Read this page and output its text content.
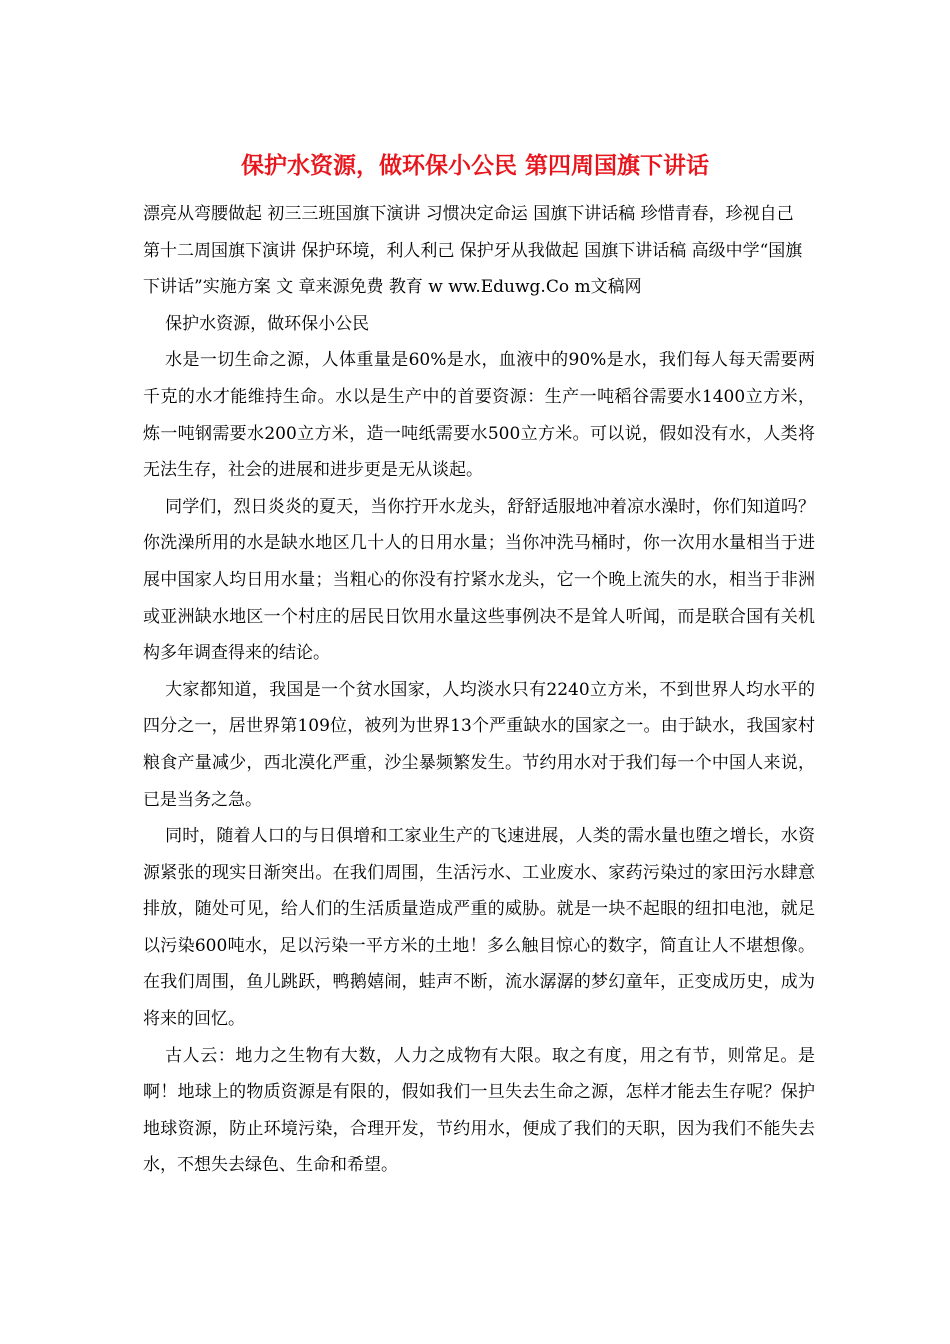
保护水资源，做环保小公民 第四周国旗下讲话

漂亮从弯腰做起 初三三班国旗下演讲 习惯决定命运 国旗下讲话稿 珍惜青春，珍视自己 第十二周国旗下演讲 保护环境，利人利己 保护牙从我做起 国旗下讲话稿 高级中学“国旗下讲话”实施方案 文 章来源免费 教育 w ww.Eduwg.Co m文稿网

保护水资源，做环保小公民

水是一切生命之源，人体重量是60%是水，血液中的90%是水，我们每人每天需要两千克的水才能维持生命。水以是生产中的首要资源：生产一吨稻谷需要水1400立方米，炼一吨钢需要水200立方米，造一吨纸需要水500立方米。可以说，假如没有水，人类将无法生存，社会的进展和进步更是无从谈起。

同学们，烈日炎炎的夏天，当你拧开水龙头，舒舒适服地冲着凉水澡时，你们知道吗？你洗澡所用的水是缺水地区几十人的日用水量；当你冲洗马桶时，你一次用水量相当于进展中国家人均日用水量；当粗心的你没有拧紧水龙头，它一个晚上流失的水，相当于非洲或亚洲缺水地区一个村庄的居民日饮用水量这些事例决不是耸人听闻，而是联合国有关机构多年调查得来的结论。

大家都知道，我国是一个贫水国家，人均淡水只有2240立方米，不到世界人均水平的四分之一，居世界第109位，被列为世界13个严重缺水的国家之一。由于缺水，我国家村粮食产量减少，西北漠化严重，沙尘暴频繁发生。节约用水对于我们每一个中国人来说，已是当务之急。

同时，随着人口的与日俱增和工家业生产的飞速进展，人类的需水量也堕之增长，水资源紧张的现实日渐突出。在我们周围，生活污水、工业废水、家药污染过的家田污水肆意排放，随处可见，给人们的生活质量造成严重的威胁。就是一块不起眼的纽扣电池，就足以污染600吨水，足以污染一平方米的土地！多么触目惊心的数字，简直让人不堪想像。在我们周围，鱼儿跳跃，鸭鹅嬉闹，蛙声不断，流水潺潺的梦幻童年，正变成历史，成为将来的回忆。

古人云：地力之生物有大数，人力之成物有大限。取之有度，用之有节，则常足。是啊！地球上的物质资源是有限的，假如我们一旦失去生命之源，怎样才能去生存呢？保护地球资源，防止环境污染，合理开发，节约用水，便成了我们的天职，因为我们不能失去水，不想失去绿色、生命和希望。
